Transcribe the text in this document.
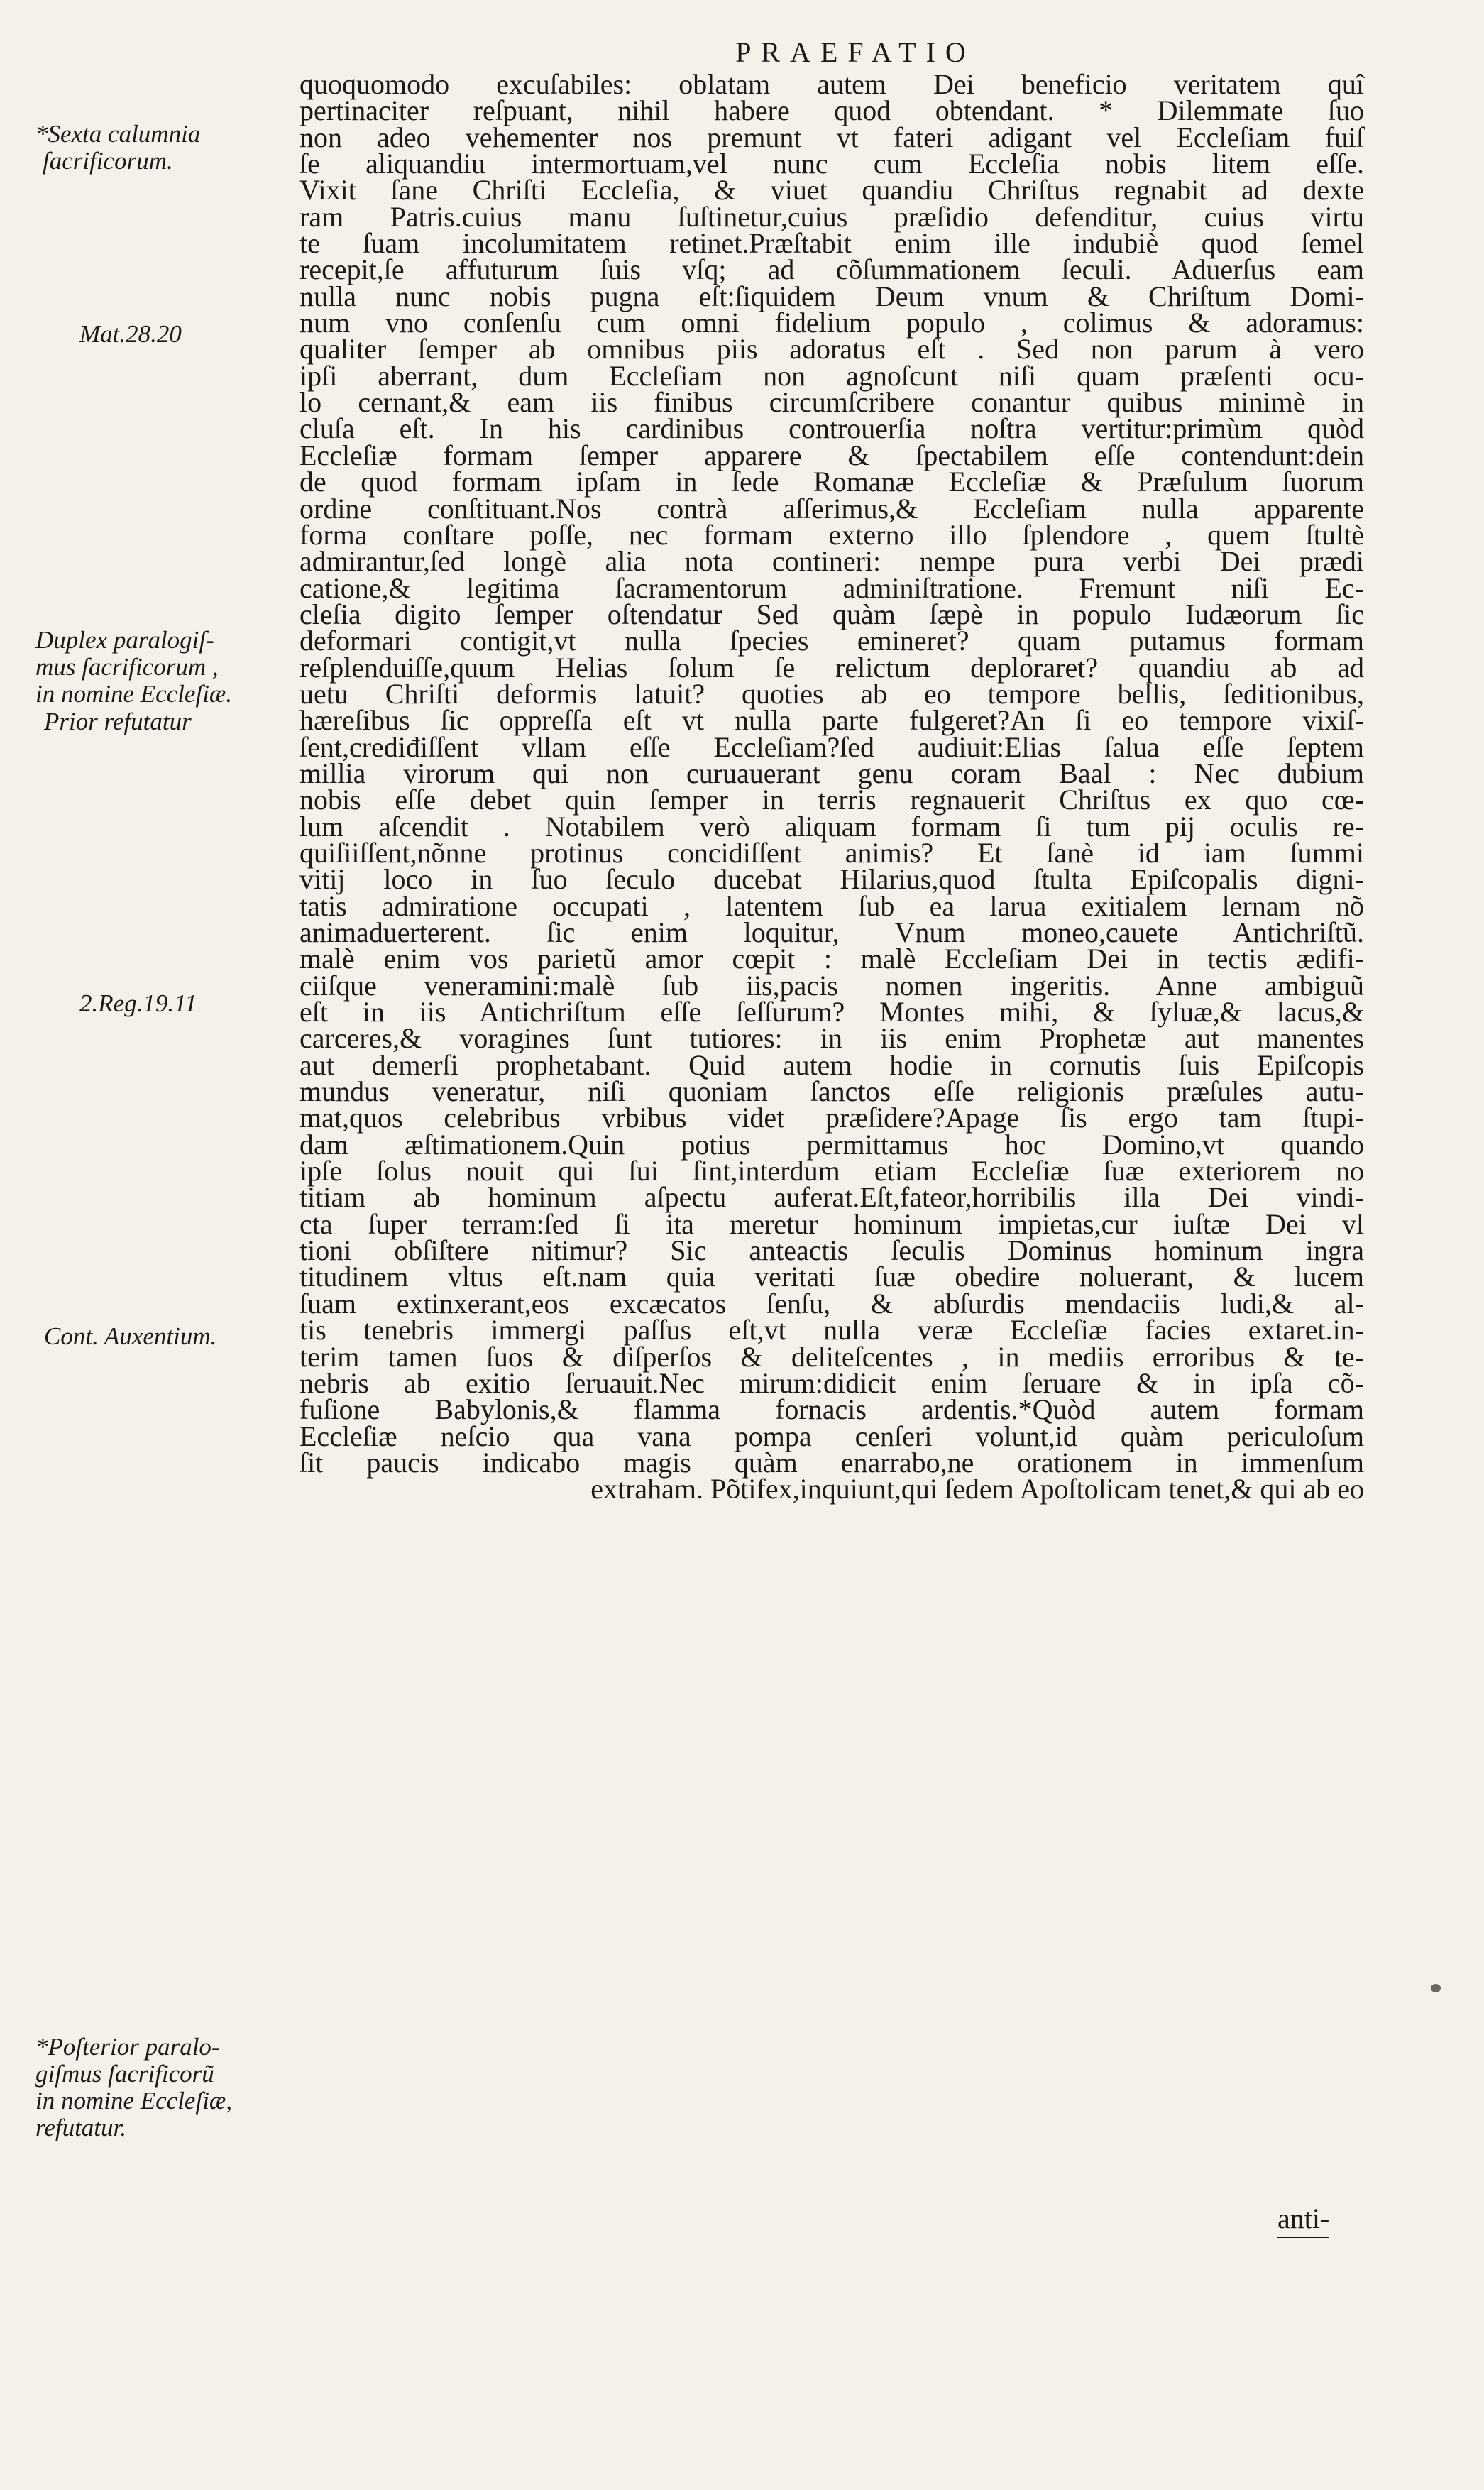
PRAEFATIO
quoquomodo excuſabiles: oblatam autem Dei beneficio veritatem quî
pertinaciter reſpuant, nihil habere quod obtendant. * Dilemmate ſuo
non adeo vehementer nos premunt vt fateri adigant vel Eccleſiam fuiſ
ſe aliquandiu intermortuam,vel nunc cum Eccleſia nobis litem eſſe.
Vixit ſane Chriſti Eccleſia, & viuet quandiu Chriſtus regnabit ad dexte
ram Patris.cuius manu ſuſtinetur,cuius præſidio defenditur, cuius virtu
te ſuam incolumitatem retinet.Præſtabit enim ille indubiè quod ſemel
recepit,ſe affuturum ſuis vſq; ad cõſummationem ſeculi. Aduerſus eam
nulla nunc nobis pugna eſt:ſiquidem Deum vnum & Chriſtum Domi-
num vno conſenſu cum omni fidelium populo , colimus & adoramus:
qualiter ſemper ab omnibus piis adoratus eſt . Sed non parum à vero
ipſi aberrant, dum Eccleſiam non agnoſcunt niſi quam præſenti ocu-
lo cernant,& eam iis finibus circumſcribere conantur quibus minimè in
cluſa eſt. In his cardinibus controuerſia noſtra vertitur:primùm quòd
Eccleſiæ formam ſemper apparere & ſpectabilem eſſe contendunt:dein
de quod formam ipſam in ſede Romanæ Eccleſiæ & Præſulum ſuorum
ordine conſtituant.Nos contrà aſſerimus,& Eccleſiam nulla apparente
forma conſtare poſſe, nec formam externo illo ſplendore , quem ſtultè
admirantur,ſed longè alia nota contineri: nempe pura verbi Dei prædi
catione,& legitima ſacramentorum adminiſtratione. Fremunt niſi Ec-
cleſia digito ſemper oſtendatur Sed quàm ſæpè in populo Iudæorum ſic
deformari contigit,vt nulla ſpecies emineret? quam putamus formam
reſplenduiſſe,quum Helias ſolum ſe relictum deploraret? quandiu ab ad
uetu Chriſti deformis latuit? quoties ab eo tempore bellis, ſeditionibus,
hæreſibus ſic oppreſſa eſt vt nulla parte fulgeret?An ſi eo tempore vixiſ-
ſent,crediđiſſent vllam eſſe Eccleſiam?ſed audiuit:Elias ſalua eſſe ſeptem
millia virorum qui non curuauerant genu coram Baal : Nec dubium
nobis eſſe debet quin ſemper in terris regnauerit Chriſtus ex quo cœ-
lum aſcendit . Notabilem verò aliquam formam ſi tum pij oculis re-
quiſiiſſent,nõnne protinus concidiſſent animis? Et ſanè id iam ſummi
vitij loco in ſuo ſeculo ducebat Hilarius,quod ſtulta Epiſcopalis digni-
tatis admiratione occupati , latentem ſub ea larua exitialem lernam nõ
animaduerterent. ſic enim loquitur, Vnum moneo,cauete Antichriſtũ.
malè enim vos parietũ amor cœpit : malè Eccleſiam Dei in tectis ædifi-
ciiſque veneramini:malè ſub iis,pacis nomen ingeritis. Anne ambiguũ
eſt in iis Antichriſtum eſſe ſeſſurum? Montes mihi, & ſyluæ,& lacus,&
carceres,& voragines ſunt tutiores: in iis enim Prophetæ aut manentes
aut demerſi prophetabant. Quid autem hodie in cornutis ſuis Epiſcopis
mundus veneratur, niſi quoniam ſanctos eſſe religionis præſules autu-
mat,quos celebribus vrbibus videt præſidere?Apage ſis ergo tam ſtupi-
dam æſtimationem.Quin potius permittamus hoc Domino,vt quando
ipſe ſolus nouit qui ſui ſint,interdum etiam Eccleſiæ ſuæ exteriorem no
titiam ab hominum aſpectu auferat.Eſt,fateor,horribilis illa Dei vindi-
cta ſuper terram:ſed ſi ita meretur hominum impietas,cur iuſtæ Dei vl
tioni obſiſtere nitimur? Sic anteactis ſeculis Dominus hominum ingra
titudinem vltus eſt.nam quia veritati ſuæ obedire noluerant, & lucem
ſuam extinxerant,eos excæcatos ſenſu, & abſurdis mendaciis ludi,& al-
tis tenebris immergi paſſus eſt,vt nulla veræ Eccleſiæ facies extaret.in-
terim tamen ſuos & diſperſos & deliteſcentes , in mediis erroribus & te-
nebris ab exitio ſeruauit.Nec mirum:didicit enim ſeruare & in ipſa cõ-
fuſione Babylonis,& flamma fornacis ardentis.*Quòd autem formam
Eccleſiæ neſcio qua vana pompa cenſeri volunt,id quàm periculoſum
ſit paucis indicabo magis quàm enarrabo,ne orationem in immenſum
extraham. Põtifex,inquiunt,qui ſedem Apoſtolicam tenet,& qui ab eo
*Sexta calumnia
ſacrificorum.
Mat.28.20
Duplex paralogiſ-
mus ſacrificorum ,
in nomine Eccleſiæ.
Prior refutatur
2.Reg.19.11
Cont. Auxentium.
*Poſterior paralo-
giſmus ſacrificorũ
in nomine Eccleſiæ,
refutatur.
anti-
